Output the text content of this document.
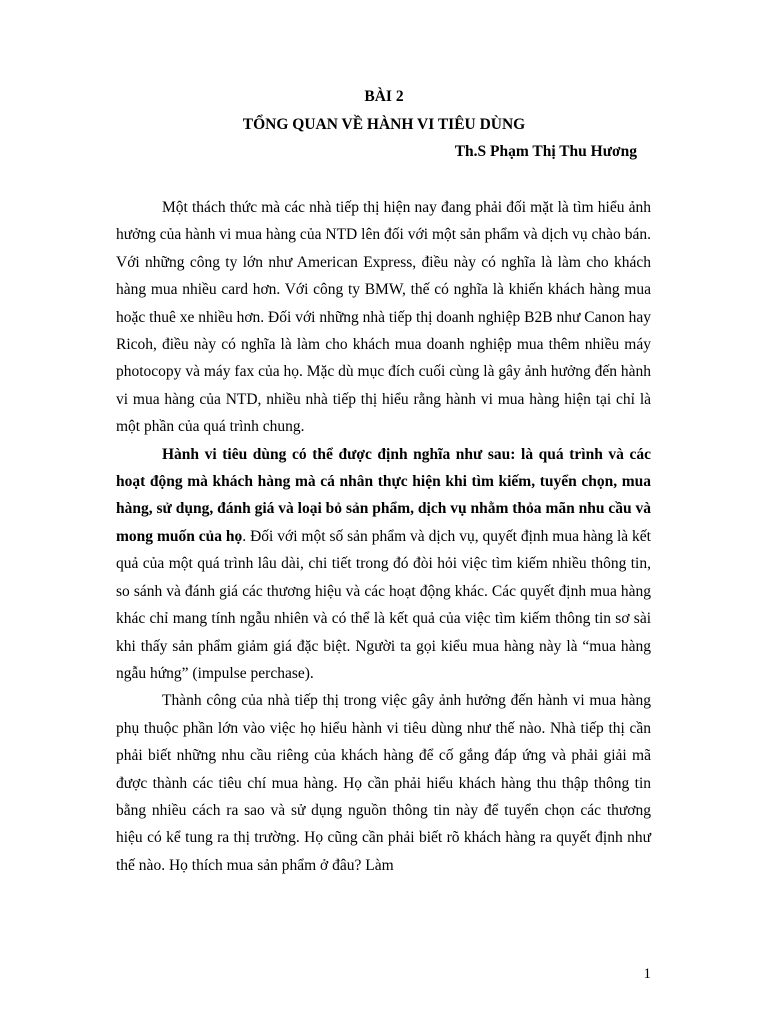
BÀI 2
TỔNG QUAN VỀ HÀNH VI TIÊU DÙNG
Th.S Phạm Thị Thu Hương

Một thách thức mà các nhà tiếp thị hiện nay đang phải đối mặt là tìm hiểu ảnh hưởng của hành vi mua hàng của NTD lên đối với một sản phẩm và dịch vụ chào bán. Với những công ty lớn như American Express, điều này có nghĩa là làm cho khách hàng mua nhiều card hơn. Với công ty BMW, thế có nghĩa là khiến khách hàng mua hoặc thuê xe nhiều hơn. Đối với những nhà tiếp thị doanh nghiệp B2B như Canon hay Ricoh, điều này có nghĩa là làm cho khách mua doanh nghiệp mua thêm nhiều máy photocopy và máy fax của họ. Mặc dù mục đích cuối cùng là gây ảnh hưởng đến hành vi mua hàng của NTD, nhiều nhà tiếp thị hiểu rằng hành vi mua hàng hiện tại chỉ là một phần của quá trình chung.

Hành vi tiêu dùng có thể được định nghĩa như sau: là quá trình và các hoạt động mà khách hàng mà cá nhân thực hiện khi tìm kiếm, tuyển chọn, mua hàng, sử dụng, đánh giá và loại bỏ sản phẩm, dịch vụ nhằm thỏa mãn nhu cầu và mong muốn của họ. Đối với một số sản phẩm và dịch vụ, quyết định mua hàng là kết quả của một quá trình lâu dài, chi tiết trong đó đòi hỏi việc tìm kiếm nhiều thông tin, so sánh và đánh giá các thương hiệu và các hoạt động khác. Các quyết định mua hàng khác chỉ mang tính ngẫu nhiên và có thể là kết quả của việc tìm kiếm thông tin sơ sài khi thấy sản phẩm giảm giá đặc biệt. Người ta gọi kiểu mua hàng này là “mua hàng ngẫu hứng” (impulse perchase).

Thành công của nhà tiếp thị trong việc gây ảnh hưởng đến hành vi mua hàng phụ thuộc phần lớn vào việc họ hiểu hành vi tiêu dùng như thế nào. Nhà tiếp thị cần phải biết những nhu cầu riêng của khách hàng để cố gắng đáp ứng và phải giải mã được thành các tiêu chí mua hàng. Họ cần phải hiểu khách hàng thu thập thông tin bằng nhiều cách ra sao và sử dụng nguồn thông tin này để tuyển chọn các thương hiệu có kể tung ra thị trường. Họ cũng cần phải biết rõ khách hàng ra quyết định như thế nào. Họ thích mua sản phẩm ở đâu? Làm

1
